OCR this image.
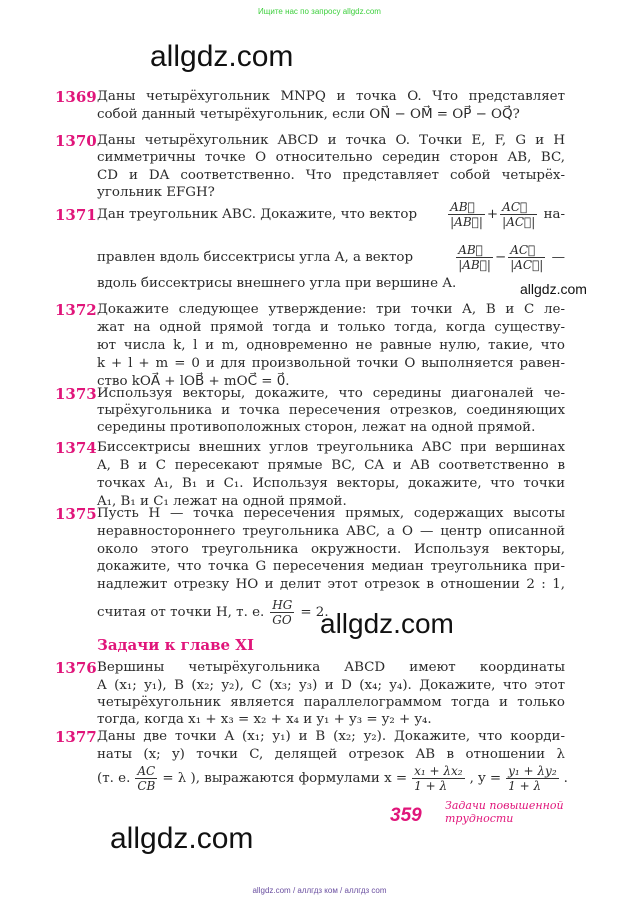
Ищите нас по запросу allgdz.com
allgdz.com
1369 Даны четырёхугольник MNPQ и точка O. Что представляет
собой данный четырёхугольник, если ON⃗ − OM⃗ = OP⃗ − OQ⃗?
1370 Даны четырёхугольник ABCD и точка O. Точки E, F, G и H
симметричны точке O относительно середин сторон AB, BC,
CD и DA соответственно. Что представляет собой четырёх-
угольник EFGH?
1371 Дан треугольник ABC. Докажите, что вектор	$\frac{AB⃗}{|AB⃗|} + \frac{AC⃗}{|AC⃗|} на-$
правлен вдоль биссектрисы угла A, а вектор	$\frac{AB⃗}{|AB⃗|} - \frac{AC⃗}{|AC⃗|}$ —
вдоль биссектрисы внешнего угла при вершине A.	allgdz.com
1372 Докажите следующее утверждение: три точки A, B и C ле-
жат на одной прямой тогда и только тогда, когда существу-
ют числа k, l и m, одновременно не равные нулю, такие, что
k + l + m = 0 и для произвольной точки O выполняется равен-
ство kOA⃗ + lOB⃗ + mOC⃗ = 0⃗.
1373 Используя векторы, докажите, что середины диагоналей че-
тырёхугольника и точка пересечения отрезков, соединяющих
середины противоположных сторон, лежат на одной прямой.
1374 Биссектрисы внешних углов треугольника ABC при вершинах
A, B и C пересекают прямые BC, CA и AB соответственно в
точках A₁, B₁ и C₁. Используя векторы, докажите, что точки
A₁, B₁ и C₁ лежат на одной прямой.
1375 Пусть H — точка пересечения прямых, содержащих высоты
неравностороннего треугольника ABC, а O — центр описанной
около этого треугольника окружности. Используя векторы,
докажите, что точка G пересечения медиан треугольника при-
надлежит отрезку HO и делит этот отрезок в отношении 2 : 1,
считая от точки H, т. е. $\frac{HG}{GO} = 2$.
allgdz.com
Задачи к главе XI
1376 Вершины четырёхугольника ABCD имеют координаты
A (x₁; y₁), B (x₂; y₂), C (x₃; y₃) и D (x₄; y₄). Докажите, что этот
четырёхугольник является параллелограммом тогда и только
тогда, когда x₁ + x₃ = x₂ + x₄ и y₁ + y₃ = y₂ + y₄.
1377 Даны две точки A (x₁; y₁) и B (x₂; y₂). Докажите, что коорди-
наты (x; y) точки C, делящей отрезок AB в отношении λ
(т. е. $\frac{AC}{CB} = \lambda$ ), выражаются формулами $x = \frac{\text{x₁ + λx₂}}{1 + \lambda}$ , $y = \frac{\text{y₁ + λy₂}}{1 + \lambda}$ .
359 Задачи повышенной
трудности
allgdz.com
allgdz.com / аллгдз ком / аллгдз com
